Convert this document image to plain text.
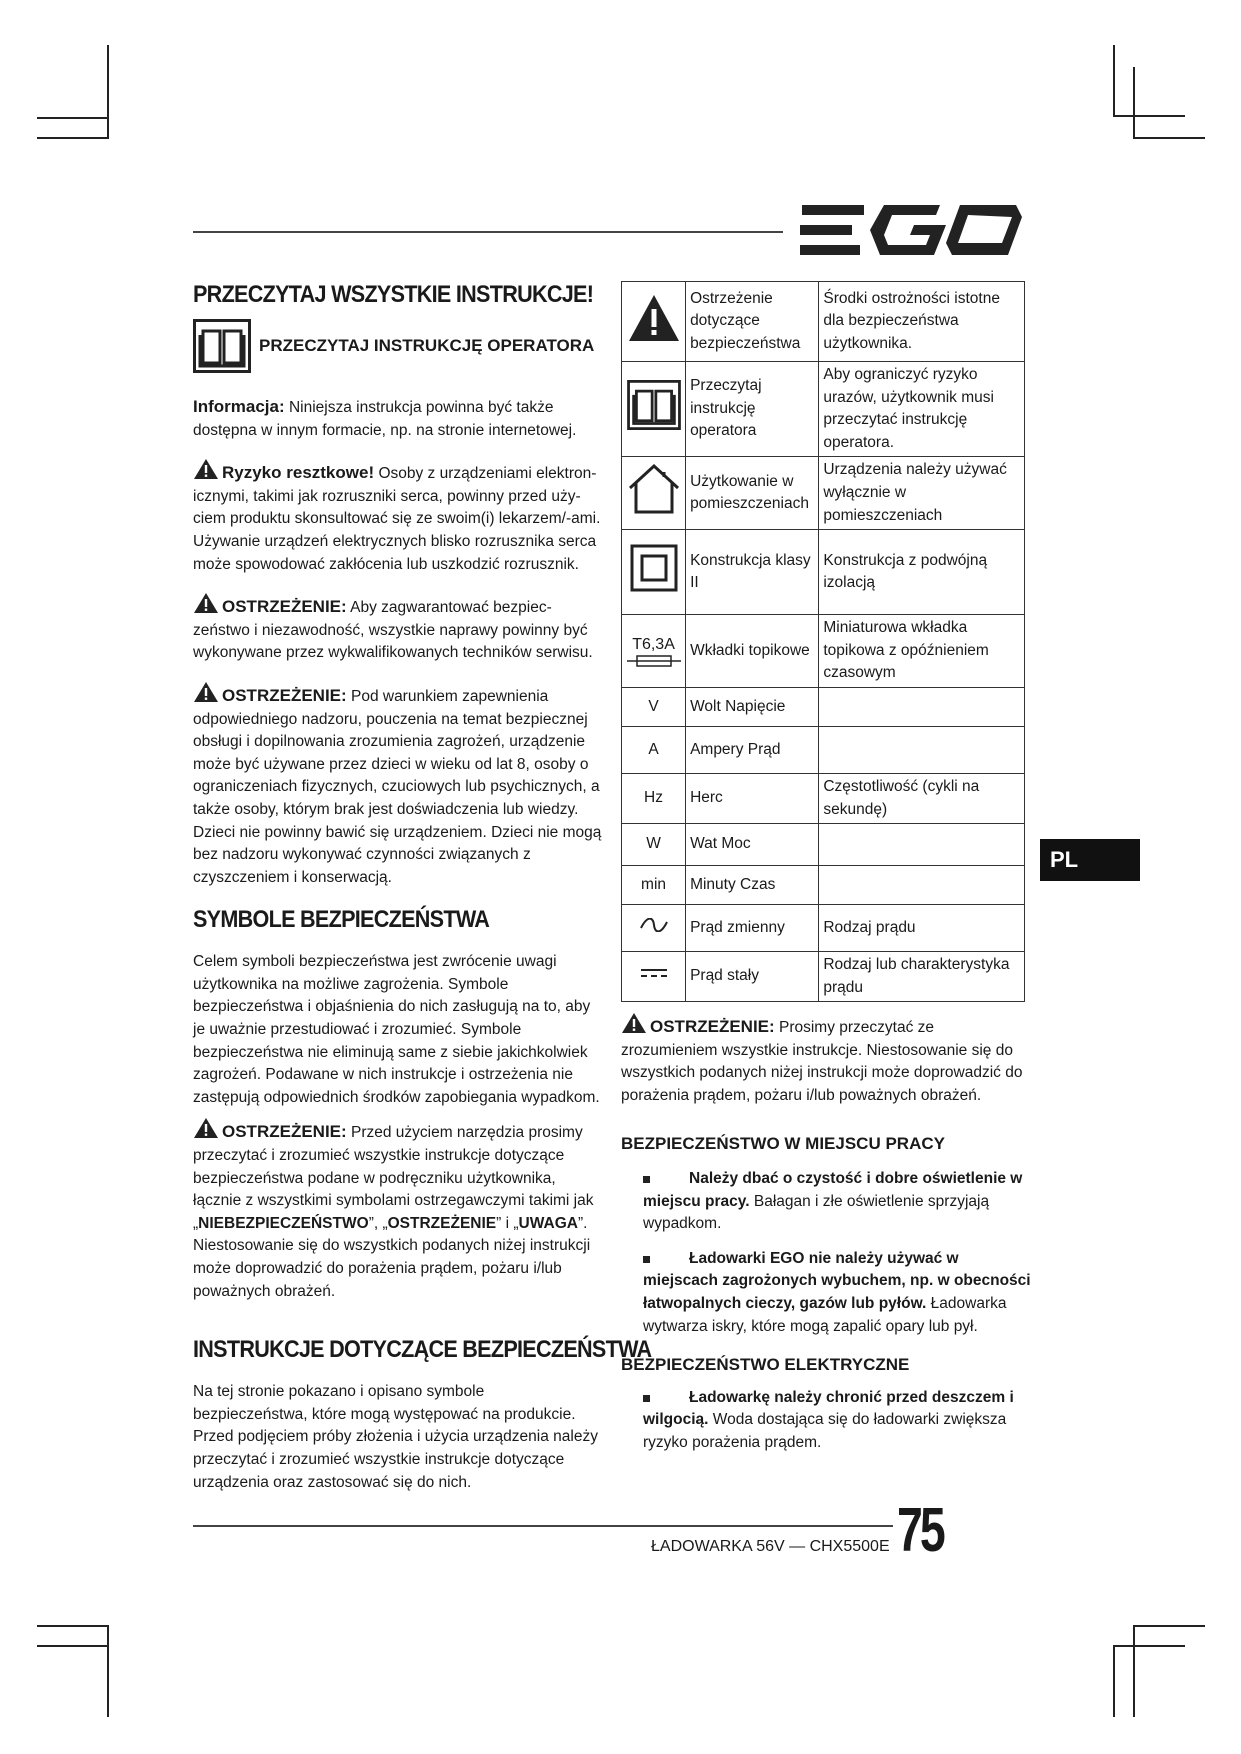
PRZECZYTAJ WSZYSTKIE INSTRUKCJE!
PRZECZYTAJ INSTRUKCJĘ OPERATORA

Informacja: Niniejsza instrukcja powinna być także dostępna w innym formacie, np. na stronie internetowej.

Ryzyko resztkowe! Osoby z urządzeniami elektron-icznymi, takimi jak rozruszniki serca, powinny przed uży-ciem produktu skonsultować się ze swoim(i) lekarzem/-ami. Używanie urządzeń elektrycznych blisko rozrusznika serca może spowodować zakłócenia lub uszkodzić rozrusznik.

OSTRZEŻENIE: Aby zagwarantować bezpiec-zeństwo i niezawodność, wszystkie naprawy powinny być wykonywane przez wykwalifikowanych techników serwisu.

OSTRZEŻENIE: Pod warunkiem zapewnienia odpowiedniego nadzoru, pouczenia na temat bezpiecznej obsługi i dopilnowania zrozumienia zagrożeń, urządzenie może być używane przez dzieci w wieku od lat 8, osoby o ograniczeniach fizycznych, czuciowych lub psychicznych, a także osoby, którym brak jest doświadczenia lub wiedzy. Dzieci nie powinny bawić się urządzeniem. Dzieci nie mogą bez nadzoru wykonywać czynności związanych z czyszczeniem i konserwacją.

SYMBOLE BEZPIECZEŃSTWA

Celem symboli bezpieczeństwa jest zwrócenie uwagi użytkownika na możliwe zagrożenia. Symbole bezpieczeństwa i objaśnienia do nich zasługują na to, aby je uważnie przestudiować i zrozumieć. Symbole bezpieczeństwa nie eliminują same z siebie jakichkolwiek zagrożeń. Podawane w nich instrukcje i ostrzeżenia nie zastępują odpowiednich środków zapobiegania wypadkom.

OSTRZEŻENIE: Przed użyciem narzędzia prosimy przeczytać i zrozumieć wszystkie instrukcje dotyczące bezpieczeństwa podane w podręczniku użytkownika, łącznie z wszystkimi symbolami ostrzegawczymi takimi jak „NIEBEZPIECZEŃSTWO”, „OSTRZEŻENIE” i „UWAGA”. Niestosowanie się do wszystkich podanych niżej instrukcji może doprowadzić do porażenia prądem, pożaru i/lub poważnych obrażeń.

INSTRUKCJE DOTYCZĄCE BEZPIECZEŃSTWA

Na tej stronie pokazano i opisano symbole bezpieczeństwa, które mogą występować na produkcie. Przed podjęciem próby złożenia i użycia urządzenia należy przeczytać i zrozumieć wszystkie instrukcje dotyczące urządzenia oraz zastosować się do nich.

	Ostrzeżenie dotyczące bezpieczeństwa	Środki ostrożności istotne dla bezpieczeństwa użytkownika.
	Przeczytaj instrukcję operatora	Aby ograniczyć ryzyko urazów, użytkownik musi przeczytać instrukcję operatora.
	Użytkowanie w pomieszczeniach	Urządzenia należy używać wyłącznie w pomieszczeniach
	Konstrukcja klasy II	Konstrukcja z podwójną izolacją

T6,3A	Wkładki topikowe	Miniaturowa wkładka topikowa z opóźnieniem czasowym
V	Wolt Napięcie	
A	Ampery Prąd	
Hz	Herc	Częstotliwość (cykli na sekundę)
W	Wat Moc	
min	Minuty Czas	
	Prąd zmienny	Rodzaj prądu
	Prąd stały	Rodzaj lub charakterystyka prądu

OSTRZEŻENIE: Prosimy przeczytać ze zrozumieniem wszystkie instrukcje. Niestosowanie się do wszystkich podanych niżej instrukcji może doprowadzić do porażenia prądem, pożaru i/lub poważnych obrażeń.

BEZPIECZEŃSTWO W MIEJSCU PRACY

Należy dbać o czystość i dobre oświetlenie w miejscu pracy. Bałagan i złe oświetlenie sprzyjają wypadkom.

Ładowarki EGO nie należy używać w miejscach zagrożonych wybuchem, np. w obecności łatwopalnych cieczy, gazów lub pyłów. Ładowarka wytwarza iskry, które mogą zapalić opary lub pył.

BEZPIECZEŃSTWO ELEKTRYCZNE

Ładowarkę należy chronić przed deszczem i wilgocią. Woda dostająca się do ładowarki zwiększa ryzyko porażenia prądem.

PL
ŁADOWARKA 56V — CHX5500E 75
